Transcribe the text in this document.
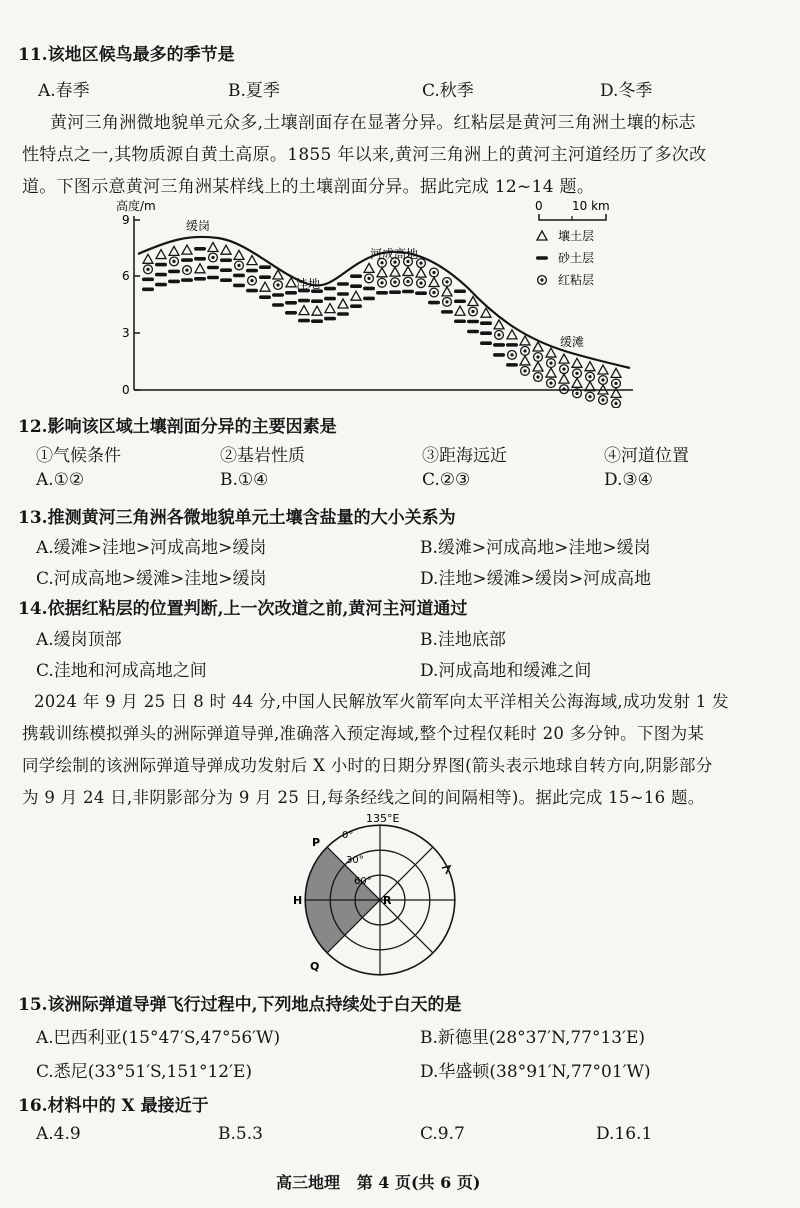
11.该地区候鸟最多的季节是
A.春季	B.夏季	C.秋季	D.冬季
黄河三角洲微地貌单元众多,土壤剖面存在显著分异。红粘层是黄河三角洲土壤的标志
性特点之一,其物质源自黄土高原。1855 年以来,黄河三角洲上的黄河主河道经历了多次改
道。下图示意黄河三角洲某样线上的土壤剖面分异。据此完成 12~14 题。
高度/m
9
6
3
0
缓岗
洼地
河成高地
缓滩
0 10 km
壤土层
砂土层
红粘层
12.影响该区域土壤剖面分异的主要因素是
①气候条件	②基岩性质	③距海远近	④河道位置
A.①②	B.①④	C.②③	D.③④
13.推测黄河三角洲各微地貌单元土壤含盐量的大小关系为
A.缓滩>洼地>河成高地>缓岗	B.缓滩>河成高地>洼地>缓岗
C.河成高地>缓滩>洼地>缓岗	D.洼地>缓滩>缓岗>河成高地
14.依据红粘层的位置判断,上一次改道之前,黄河主河道通过
A.缓岗顶部	B.洼地底部
C.洼地和河成高地之间	D.河成高地和缓滩之间
2024 年 9 月 25 日 8 时 44 分,中国人民解放军火箭军向太平洋相关公海海域,成功发射 1 发
携载训练模拟弹头的洲际弹道导弹,准确落入预定海域,整个过程仅耗时 20 多分钟。下图为某
同学绘制的该洲际弹道导弹成功发射后 X 小时的日期分界图(箭头表示地球自转方向,阴影部分
为 9 月 24 日,非阴影部分为 9 月 25 日,每条经线之间的间隔相等)。据此完成 15~16 题。
135°E
0°
30°
60°
P
H
Q
R
15.该洲际弹道导弹飞行过程中,下列地点持续处于白天的是
A.巴西利亚(15°47′S,47°56′W)	B.新德里(28°37′N,77°13′E)
C.悉尼(33°51′S,151°12′E)	D.华盛顿(38°91′N,77°01′W)
16.材料中的 X 最接近于
A.4.9	B.5.3	C.9.7	D.16.1
高三地理   第 4 页(共 6 页)
